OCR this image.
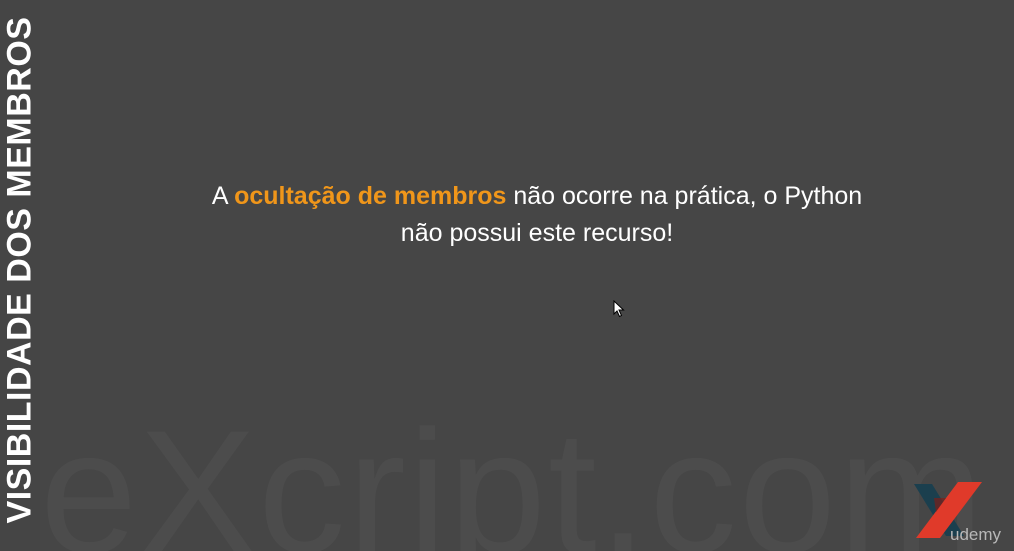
VISIBILIDADE DOS MEMBROS	A ocultação de membros não ocorre na prática, o Python
não possui este recurso!
udemy
